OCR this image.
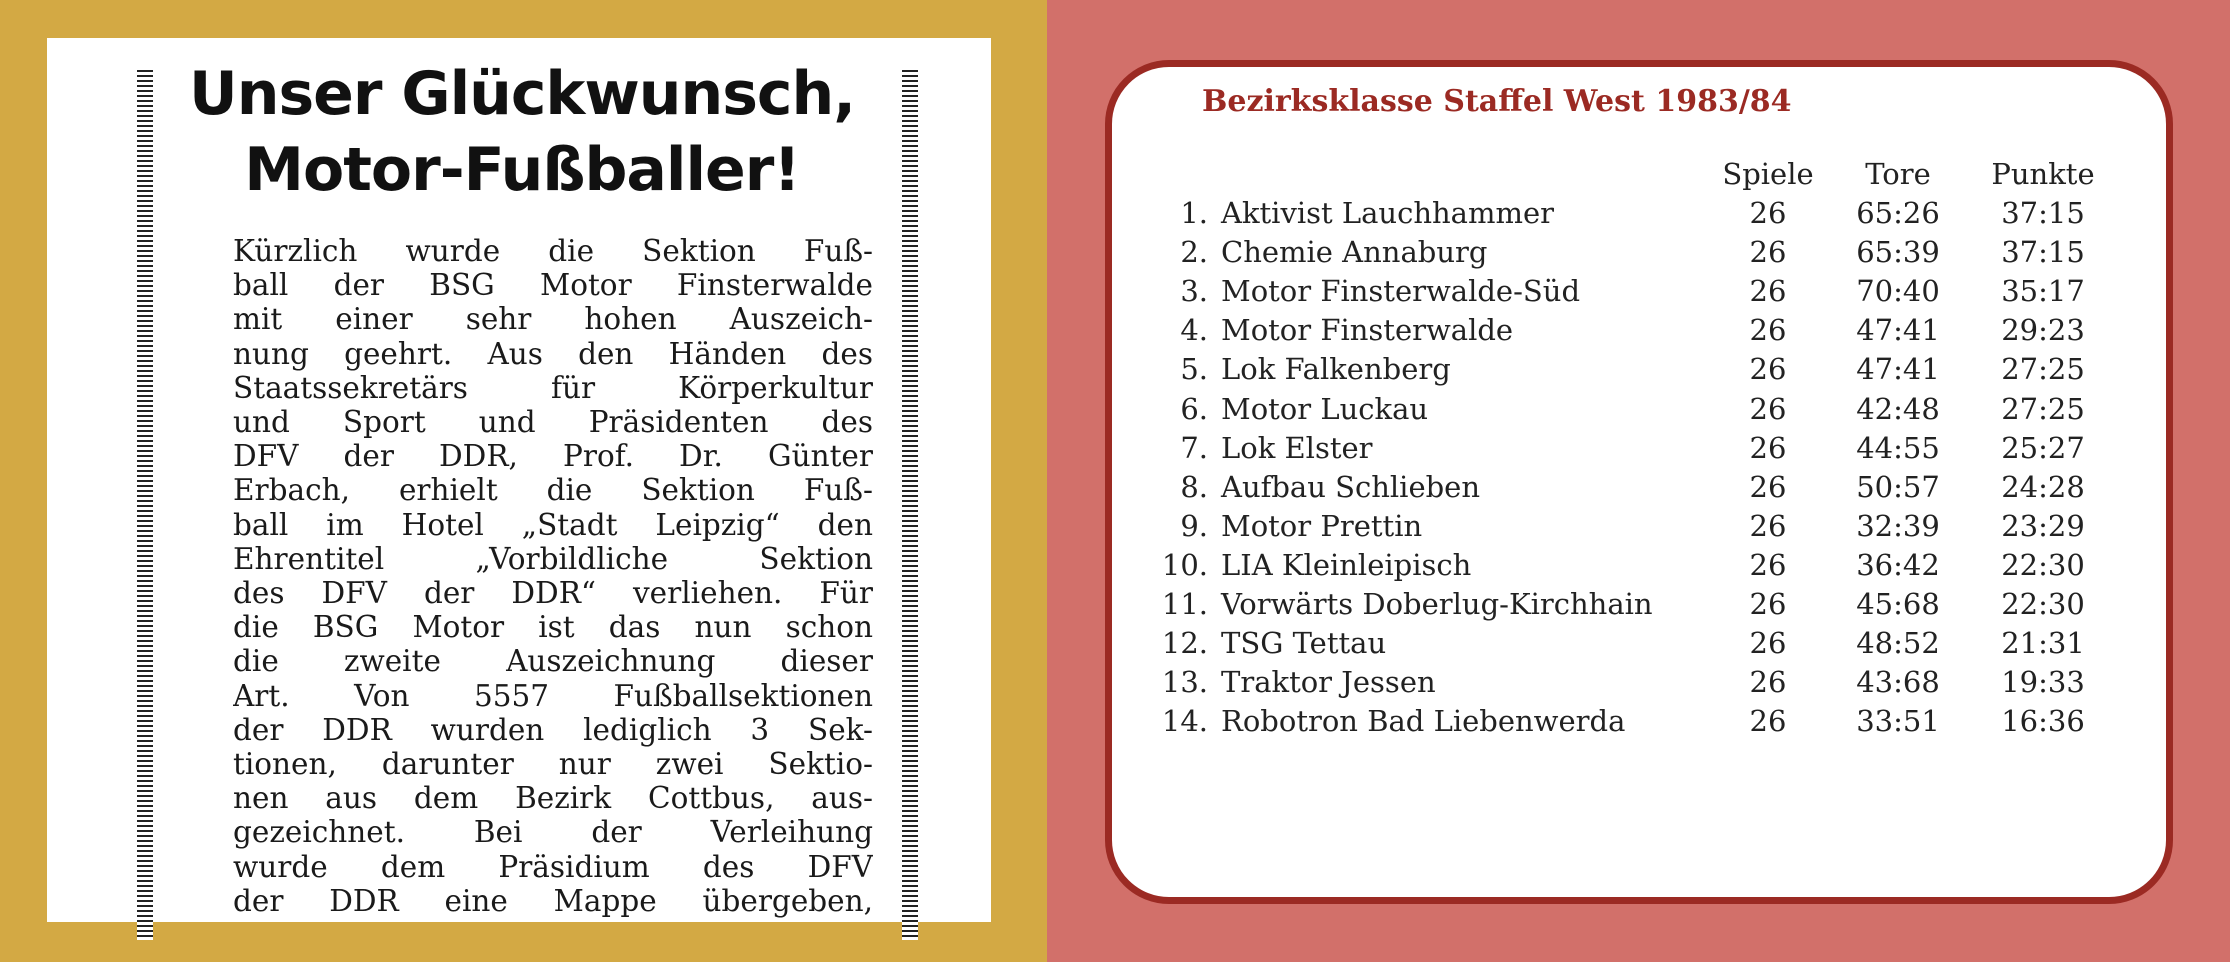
Unser Glückwunsch,
Motor-Fußballer!
Kürzlich wurde die Sektion Fuß-
ball der BSG Motor Finsterwalde
mit einer sehr hohen Auszeich-
nung geehrt. Aus den Händen des
Staatssekretärs für Körperkultur
und Sport und Präsidenten des
DFV der DDR, Prof. Dr. Günter
Erbach, erhielt die Sektion Fuß-
ball im Hotel „Stadt Leipzig“ den
Ehrentitel „Vorbildliche Sektion
des DFV der DDR“ verliehen. Für
die BSG Motor ist das nun schon
die zweite Auszeichnung dieser
Art. Von 5557 Fußballsektionen
der DDR wurden lediglich 3 Sek-
tionen, darunter nur zwei Sektio-
nen aus dem Bezirk Cottbus, aus-
gezeichnet. Bei der Verleihung
wurde dem Präsidium des DFV
der DDR eine Mappe übergeben,
Bezirksklasse Staffel West 1983/84
Spiele	Tore	Punkte
1. Aktivist Lauchhammer	26	65:26	37:15
2. Chemie Annaburg	26	65:39	37:15
3. Motor Finsterwalde-Süd	26	70:40	35:17
4. Motor Finsterwalde	26	47:41	29:23
5. Lok Falkenberg	26	47:41	27:25
6. Motor Luckau	26	42:48	27:25
7. Lok Elster	26	44:55	25:27
8. Aufbau Schlieben	26	50:57	24:28
9. Motor Prettin	26	32:39	23:29
10. LIA Kleinleipisch	26	36:42	22:30
11. Vorwärts Doberlug-Kirchhain	26	45:68	22:30
12. TSG Tettau	26	48:52	21:31
13. Traktor Jessen	26	43:68	19:33
14. Robotron Bad Liebenwerda	26	33:51	16:36
